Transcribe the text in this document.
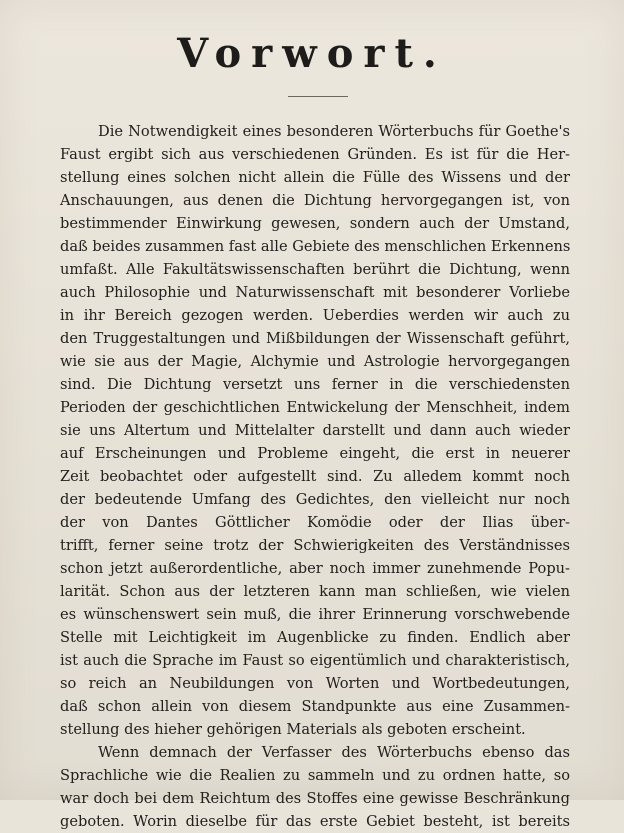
Vorwort.
Die Notwendigkeit eines besonderen Wörterbuchs für Goethe's
Faust ergibt sich aus verschiedenen Gründen. Es ist für die Her-
stellung eines solchen nicht allein die Fülle des Wissens und der
Anschauungen, aus denen die Dichtung hervorgegangen ist, von
bestimmender Einwirkung gewesen, sondern auch der Umstand,
daß beides zusammen fast alle Gebiete des menschlichen Erkennens
umfaßt. Alle Fakultätswissenschaften berührt die Dichtung, wenn
auch Philosophie und Naturwissenschaft mit besonderer Vorliebe
in ihr Bereich gezogen werden. Ueberdies werden wir auch zu
den Truggestaltungen und Mißbildungen der Wissenschaft geführt,
wie sie aus der Magie, Alchymie und Astrologie hervorgegangen
sind. Die Dichtung versetzt uns ferner in die verschiedensten
Perioden der geschichtlichen Entwickelung der Menschheit, indem
sie uns Altertum und Mittelalter darstellt und dann auch wieder
auf Erscheinungen und Probleme eingeht, die erst in neuerer
Zeit beobachtet oder aufgestellt sind. Zu alledem kommt noch
der bedeutende Umfang des Gedichtes, den vielleicht nur noch
der von Dantes Göttlicher Komödie oder der Ilias über-
trifft, ferner seine trotz der Schwierigkeiten des Verständnisses
schon jetzt außerordentliche, aber noch immer zunehmende Popu-
larität. Schon aus der letzteren kann man schließen, wie vielen
es wünschenswert sein muß, die ihrer Erinnerung vorschwebende
Stelle mit Leichtigkeit im Augenblicke zu finden. Endlich aber
ist auch die Sprache im Faust so eigentümlich und charakteristisch,
so reich an Neubildungen von Worten und Wortbedeutungen,
daß schon allein von diesem Standpunkte aus eine Zusammen-
stellung des hieher gehörigen Materials als geboten erscheint.
Wenn demnach der Verfasser des Wörterbuchs ebenso das
Sprachliche wie die Realien zu sammeln und zu ordnen hatte, so
war doch bei dem Reichtum des Stoffes eine gewisse Beschränkung
geboten. Worin dieselbe für das erste Gebiet besteht, ist bereits
